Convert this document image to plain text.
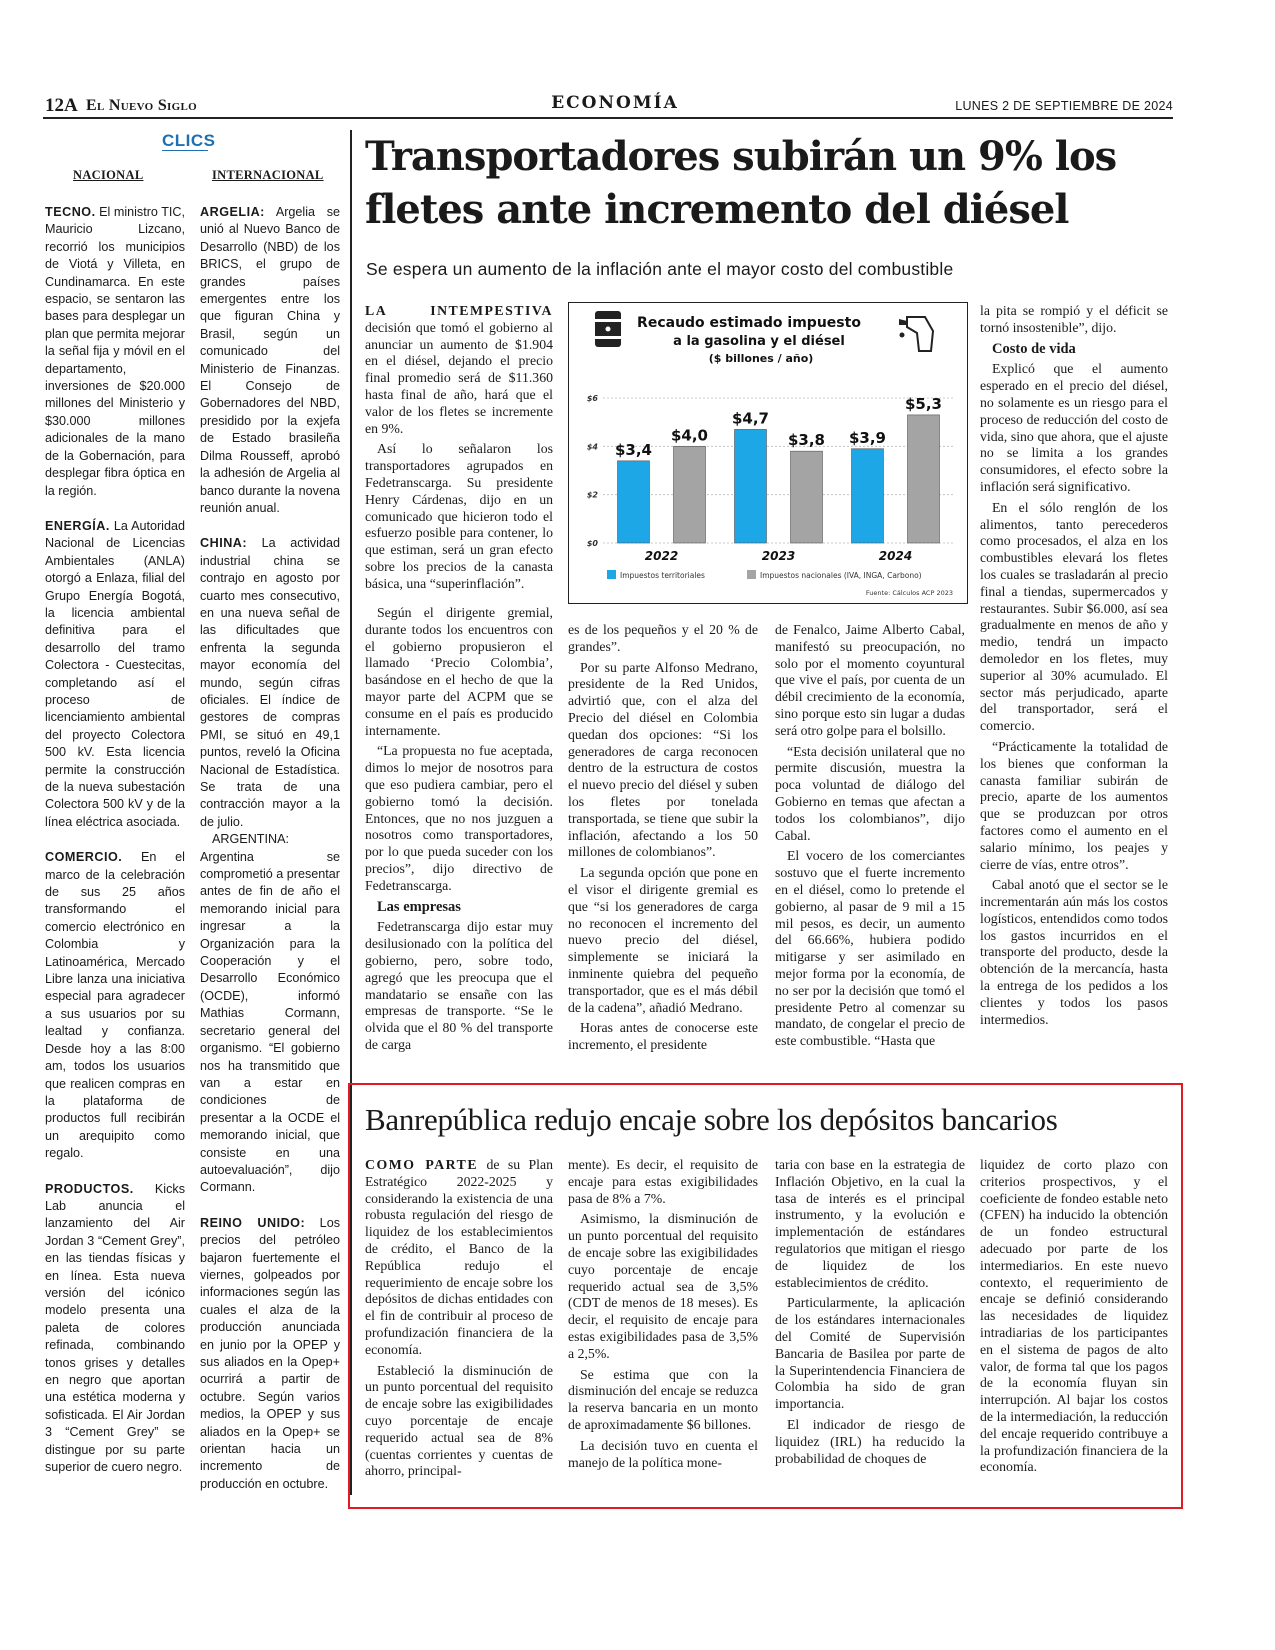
12A El Nuevo Siglo	ECONOMÍA	LUNES 2 DE SEPTIEMBRE DE 2024
CLICS
NACIONAL	INTERNACIONAL

TECNO. El ministro TIC, Mauricio Lizcano, recorrió los municipios de Viotá y Villeta, en Cundinamarca. En este espacio, se sentaron las bases para desplegar un plan que permita mejorar la señal fija y móvil en el departamento, inversiones de $20.000 millones del Ministerio y $30.000 millones adicionales de la mano de la Gobernación, para desplegar fibra óptica en la región.

ENERGÍA. La Autoridad Nacional de Licencias Ambientales (ANLA) otorgó a Enlaza, filial del Grupo Energía Bogotá, la licencia ambiental definitiva para el desarrollo del tramo Colectora - Cuestecitas, completando así el proceso de licenciamiento ambiental del proyecto Colectora 500 kV. Esta licencia permite la construcción de la nueva subestación Colectora 500 kV y de la línea eléctrica asociada.

COMERCIO. En el marco de la celebración de sus 25 años transformando el comercio electrónico en Colombia y Latinoamérica, Mercado Libre lanza una iniciativa especial para agradecer a sus usuarios por su lealtad y confianza. Desde hoy a las 8:00 am, todos los usuarios que realicen compras en la plataforma de productos full recibirán un arequipito como regalo.

PRODUCTOS. Kicks Lab anuncia el lanzamiento del Air Jordan 3 “Cement Grey”, en las tiendas físicas y en línea. Esta nueva versión del icónico modelo presenta una paleta de colores refinada, combinando tonos grises y detalles en negro que aportan una estética moderna y sofisticada. El Air Jordan 3 “Cement Grey” se distingue por su parte superior de cuero negro.

ARGELIA: Argelia se unió al Nuevo Banco de Desarrollo (NBD) de los BRICS, el grupo de grandes países emergentes entre los que figuran China y Brasil, según un comunicado del Ministerio de Finanzas. El Consejo de Gobernadores del NBD, presidido por la exjefa de Estado brasileña Dilma Rousseff, aprobó la adhesión de Argelia al banco durante la novena reunión anual.

CHINA: La actividad industrial china se contrajo en agosto por cuarto mes consecutivo, en una nueva señal de las dificultades que enfrenta la segunda mayor economía del mundo, según cifras oficiales. El índice de gestores de compras PMI, se situó en 49,1 puntos, reveló la Oficina Nacional de Estadística. Se trata de una contracción mayor a la de julio.

ARGENTINA: Argentina se comprometió a presentar antes de fin de año el memorando inicial para ingresar a la Organización para la Cooperación y el Desarrollo Económico (OCDE), informó Mathias Cormann, secretario general del organismo. “El gobierno nos ha transmitido que van a estar en condiciones de presentar a la OCDE el memorando inicial, que consiste en una autoevaluación”, dijo Cormann.

REINO UNIDO: Los precios del petróleo bajaron fuertemente el viernes, golpeados por informaciones según las cuales el alza de la producción anunciada en junio por la OPEP y sus aliados en la Opep+ ocurrirá a partir de octubre. Según varios medios, la OPEP y sus aliados en la Opep+ se orientan hacia un incremento de producción en octubre.

Transportadores subirán un 9% los fletes ante incremento del diésel
Se espera un aumento de la inflación ante el mayor costo del combustible

LA INTEMPESTIVA decisión que tomó el gobierno al anunciar un aumento de $1.904 en el diésel, dejando el precio final promedio será de $11.360 hasta final de año, hará que el valor de los fletes se incremente en 9%.

Así lo señalaron los transportadores agrupados en Fedetranscarga. Su presidente Henry Cárdenas, dijo en un comunicado que hicieron todo el esfuerzo posible para contener, lo que estiman, será un gran efecto sobre los precios de la canasta básica, una “superinflación”.

Según el dirigente gremial, durante todos los encuentros con el gobierno propusieron el llamado ‘Precio Colombia’, basándose en el hecho de que la mayor parte del ACPM que se consume en el país es producido internamente.

“La propuesta no fue aceptada, dimos lo mejor de nosotros para que eso pudiera cambiar, pero el gobierno tomó la decisión. Entonces, que no nos juzguen a nosotros como transportadores, por lo que pueda suceder con los precios”, dijo directivo de Fedetranscarga.

Las empresas

Fedetranscarga dijo estar muy desilusionado con la política del gobierno, pero, sobre todo, agregó que les preocupa que el mandatario se ensañe con las empresas de transporte. “Se le olvida que el 80 % del transporte de carga

Recaudo estimado impuesto
a la gasolina y el diésel
($ billones / año)
$0
$2
$4
$6
$3,4
$4,0
2022
$4,7
$3,8
2023
$3,9
$5,3
2024
Impuestos territoriales	Impuestos nacionales (IVA, INGA, Carbono)
Fuente: Cálculos ACP 2023

es de los pequeños y el 20 % de grandes”.

Por su parte Alfonso Medrano, presidente de la Red Unidos, advirtió que, con el alza del Precio del diésel en Colombia quedan dos opciones: “Si los generadores de carga reconocen dentro de la estructura de costos el nuevo precio del diésel y suben los fletes por tonelada transportada, se tiene que subir la inflación, afectando a los 50 millones de colombianos”.

La segunda opción que pone en el visor el dirigente gremial es que “si los generadores de carga no reconocen el incremento del nuevo precio del diésel, simplemente se iniciará la inminente quiebra del pequeño transportador, que es el más débil de la cadena”, añadió Medrano.

Horas antes de conocerse este incremento, el presidente

de Fenalco, Jaime Alberto Cabal, manifestó su preocupación, no solo por el momento coyuntural que vive el país, por cuenta de un débil crecimiento de la economía, sino porque esto sin lugar a dudas será otro golpe para el bolsillo.

“Esta decisión unilateral que no permite discusión, muestra la poca voluntad de diálogo del Gobierno en temas que afectan a todos los colombianos”, dijo Cabal.

El vocero de los comerciantes sostuvo que el fuerte incremento en el diésel, como lo pretende el gobierno, al pasar de 9 mil a 15 mil pesos, es decir, un aumento del 66.66%, hubiera podido mitigarse y ser asimilado en mejor forma por la economía, de no ser por la decisión que tomó el presidente Petro al comenzar su mandato, de congelar el precio de este combustible. “Hasta que

la pita se rompió y el déficit se tornó insostenible”, dijo.

Costo de vida

Explicó que el aumento esperado en el precio del diésel, no solamente es un riesgo para el proceso de reducción del costo de vida, sino que ahora, que el ajuste no se limita a los grandes consumidores, el efecto sobre la inflación será significativo.

En el sólo renglón de los alimentos, tanto perecederos como procesados, el alza en los combustibles elevará los fletes los cuales se trasladarán al precio final a tiendas, supermercados y restaurantes. Subir $6.000, así sea gradualmente en menos de año y medio, tendrá un impacto demoledor en los fletes, muy superior al 30% acumulado. El sector más perjudicado, aparte del transportador, será el comercio.

“Prácticamente la totalidad de los bienes que conforman la canasta familiar subirán de precio, aparte de los aumentos que se produzcan por otros factores como el aumento en el salario mínimo, los peajes y cierre de vías, entre otros”.

Cabal anotó que el sector se le incrementarán aún más los costos logísticos, entendidos como todos los gastos incurridos en el transporte del producto, desde la obtención de la mercancía, hasta la entrega de los pedidos a los clientes y todos los pasos intermedios.

Banrepública redujo encaje sobre los depósitos bancarios

COMO PARTE de su Plan Estratégico 2022-2025 y considerando la existencia de una robusta regulación del riesgo de liquidez de los establecimientos de crédito, el Banco de la República redujo el requerimiento de encaje sobre los depósitos de dichas entidades con el fin de contribuir al proceso de profundización financiera de la economía.

Estableció la disminución de un punto porcentual del requisito de encaje sobre las exigibilidades cuyo porcentaje de encaje requerido actual sea de 8% (cuentas corrientes y cuentas de ahorro, principal-

mente). Es decir, el requisito de encaje para estas exigibilidades pasa de 8% a 7%.

Asimismo, la disminución de un punto porcentual del requisito de encaje sobre las exigibilidades cuyo porcentaje de encaje requerido actual sea de 3,5% (CDT de menos de 18 meses). Es decir, el requisito de encaje para estas exigibilidades pasa de 3,5% a 2,5%.

Se estima que con la disminución del encaje se reduzca la reserva bancaria en un monto de aproximadamente $6 billones.

La decisión tuvo en cuenta el manejo de la política mone-

taria con base en la estrategia de Inflación Objetivo, en la cual la tasa de interés es el principal instrumento, y la evolución e implementación de estándares regulatorios que mitigan el riesgo de liquidez de los establecimientos de crédito.

Particularmente, la aplicación de los estándares internacionales del Comité de Supervisión Bancaria de Basilea por parte de la Superintendencia Financiera de Colombia ha sido de gran importancia.

El indicador de riesgo de liquidez (IRL) ha reducido la probabilidad de choques de

liquidez de corto plazo con criterios prospectivos, y el coeficiente de fondeo estable neto (CFEN) ha inducido la obtención de un fondeo estructural adecuado por parte de los intermediarios. En este nuevo contexto, el requerimiento de encaje se definió considerando las necesidades de liquidez intradiarias de los participantes en el sistema de pagos de alto valor, de forma tal que los pagos de la economía fluyan sin interrupción. Al bajar los costos de la intermediación, la reducción del encaje requerido contribuye a la profundización financiera de la economía.
